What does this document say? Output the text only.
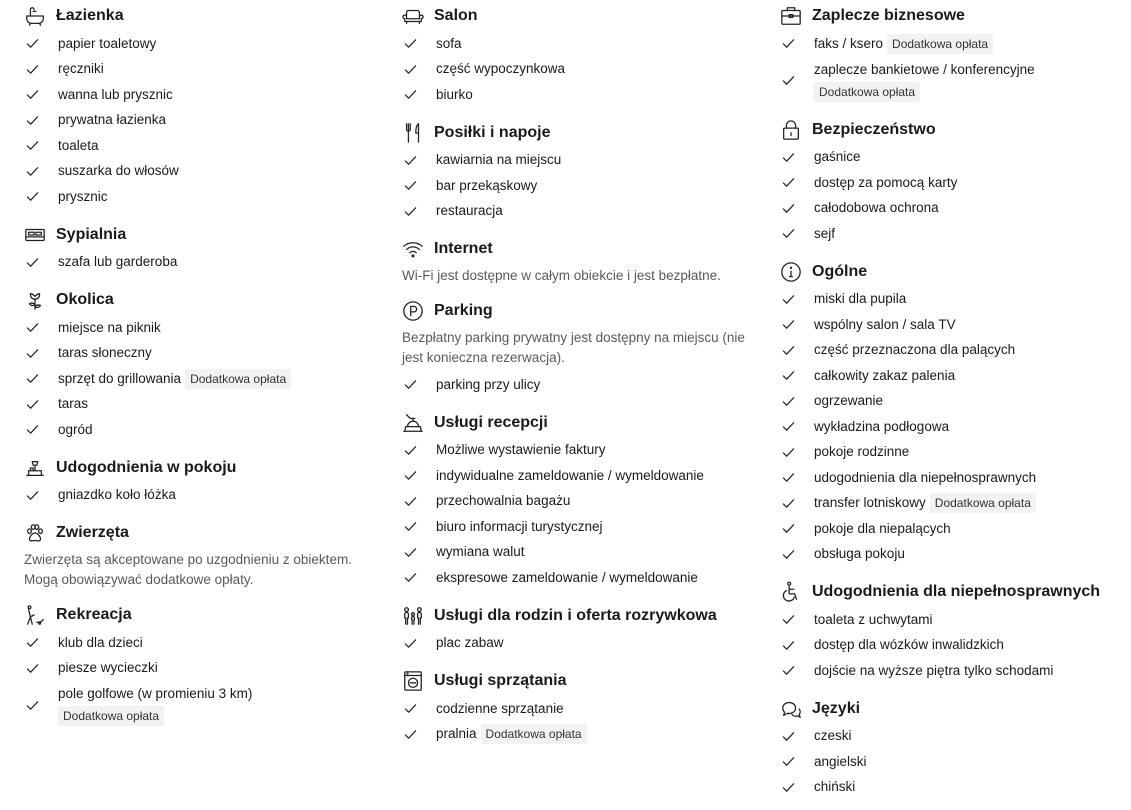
Łazienka
papier toaletowy
ręczniki
wanna lub prysznic
prywatna łazienka
toaleta
suszarka do włosów
prysznic
Sypialnia
szafa lub garderoba
Okolica
miejsce na piknik
taras słoneczny
sprzęt do grillowania Dodatkowa opłata
taras
ogród
Udogodnienia w pokoju
gniazdko koło łóżka
Zwierzęta
Zwierzęta są akceptowane po uzgodnieniu z obiektem. Mogą obowiązywać dodatkowe opłaty.
Rekreacja
klub dla dzieci
piesze wycieczki
pole golfowe (w promieniu 3 km)
Dodatkowa opłata
Salon
sofa
część wypoczynkowa
biurko
Posiłki i napoje
kawiarnia na miejscu
bar przekąskowy
restauracja
Internet
Wi-Fi jest dostępne w całym obiekcie i jest bezpłatne.
Parking
Bezpłatny parking prywatny jest dostępny na miejscu (nie jest konieczna rezerwacja).
parking przy ulicy
Usługi recepcji
Możliwe wystawienie faktury
indywidualne zameldowanie / wymeldowanie
przechowalnia bagażu
biuro informacji turystycznej
wymiana walut
ekspresowe zameldowanie / wymeldowanie
Usługi dla rodzin i oferta rozrywkowa
plac zabaw
Usługi sprzątania
codzienne sprzątanie
pralnia Dodatkowa opłata
Zaplecze biznesowe
faks / ksero Dodatkowa opłata
zaplecze bankietowe / konferencyjne
Dodatkowa opłata
Bezpieczeństwo
gaśnice
dostęp za pomocą karty
całodobowa ochrona
sejf
Ogólne
miski dla pupila
wspólny salon / sala TV
część przeznaczona dla palących
całkowity zakaz palenia
ogrzewanie
wykładzina podłogowa
pokoje rodzinne
udogodnienia dla niepełnosprawnych
transfer lotniskowy Dodatkowa opłata
pokoje dla niepalących
obsługa pokoju
Udogodnienia dla niepełnosprawnych
toaleta z uchwytami
dostęp dla wózków inwalidzkich
dojście na wyższe piętra tylko schodami
Języki
czeski
angielski
chiński
